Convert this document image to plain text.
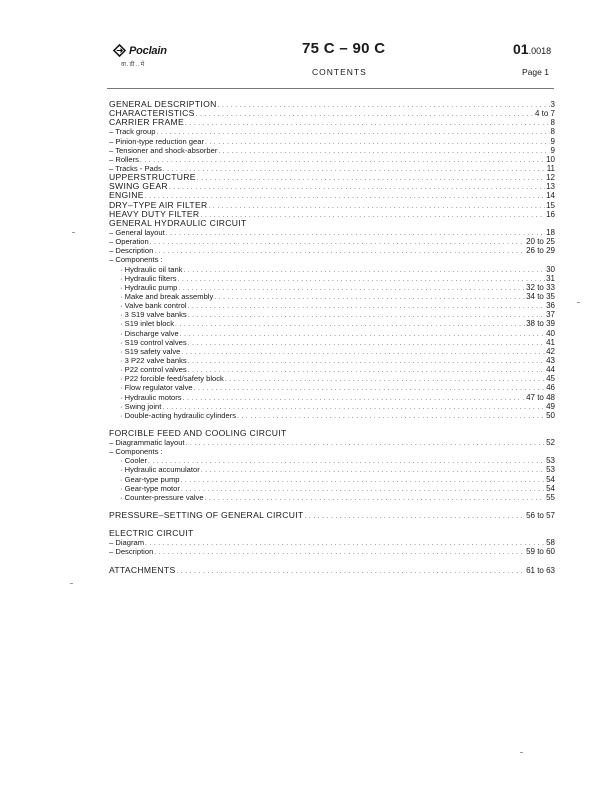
Poclain
वा.डी..मे
75 C – 90 C
CONTENTS
01.0018
Page 1
GENERAL DESCRIPTION . . .	3
CHARACTERISTICS . . .	4 to 7
CARRIER FRAME . . .	8
– Track group . . .	8
– Pinion-type reduction gear . . .	9
– Tensioner and shock-absorber . . .	9
– Rollers . . .	10
– Tracks - Pads . . .	11
UPPERSTRUCTURE . . .	12
SWING GEAR . . .	13
ENGINE . . .	14
DRY–TYPE AIR FILTER . . .	15
HEAVY DUTY FILTER . . .	16
GENERAL HYDRAULIC CIRCUIT
– General layout . . .	18
– Operation . . .	20 to 25
– Description . . .	26 to 29
– Components :
· Hydraulic oil tank . . .	30
· Hydraulic filters . . .	31
· Hydraulic pump . . .	32 to 33
· Make and break assembly . . .	34 to 35
· Valve bank control . . .	36
· 3 S19 valve banks . . .	37
· S19 inlet block . . .	38 to 39
· Discharge valve . . .	40
· S19 control valves . . .	41
· S19 safety valve . . .	42
· 3 P22 valve banks . . .	43
· P22 control valves . . .	44
· P22 forcible feed/safety block . . .	45
· Flow regulator valve . . .	46
· Hydraulic motors . . .	47 to 48
· Swing joint . . .	49
· Double-acting hydraulic cylinders . . .	50
FORCIBLE FEED AND COOLING CIRCUIT
– Diagrammatic layout . . .	52
– Components :
· Cooler . . .	53
· Hydraulic accumulator . . .	53
· Gear-type pump . . .	54
· Gear-type motor . . .	54
· Counter-pressure valve . . .	55
PRESSURE–SETTING OF GENERAL CIRCUIT . . .	56 to 57
ELECTRIC CIRCUIT
– Diagram . . .	58
– Description . . .	59 to 60
ATTACHMENTS . . .	61 to 63
